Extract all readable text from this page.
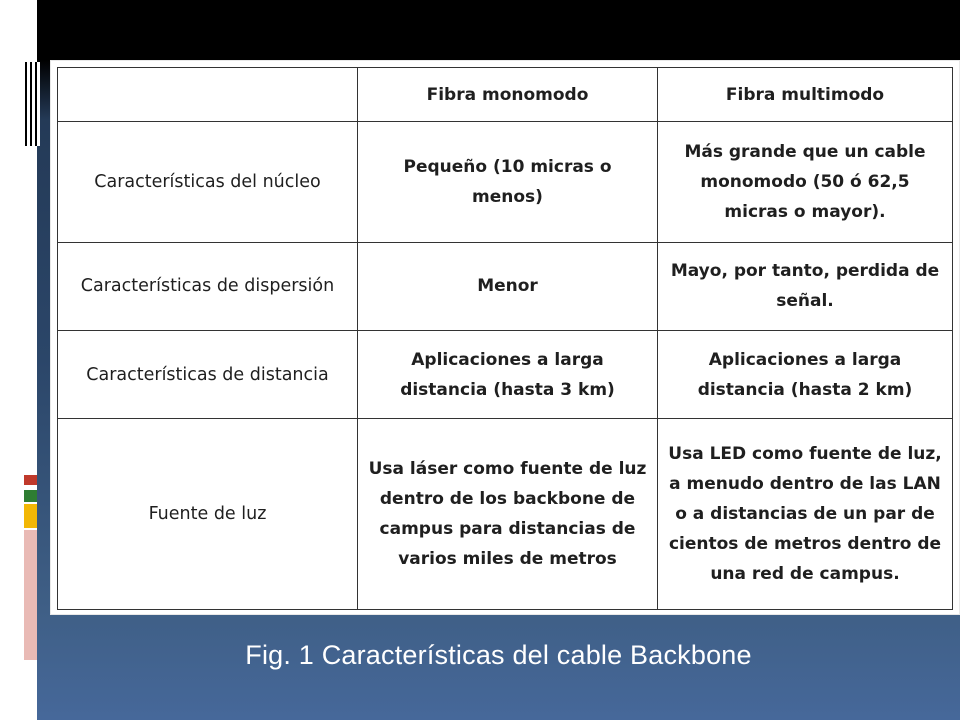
	Fibra monomodo	Fibra multimodo
Características del núcleo	Pequeño (10 micras o menos)	Más grande que un cable monomodo (50 ó 62,5 micras o mayor).
Características de dispersión	Menor	Mayo, por tanto, perdida de señal.
Características de distancia	Aplicaciones a larga distancia (hasta 3 km)	Aplicaciones a larga distancia (hasta 2 km)
Fuente de luz	Usa láser como fuente de luz dentro de los backbone de campus para distancias de varios miles de metros	Usa LED como fuente de luz, a menudo dentro de las LAN o a distancias de un par de cientos de metros dentro de una red de campus.
Fig. 1 Características del cable Backbone
